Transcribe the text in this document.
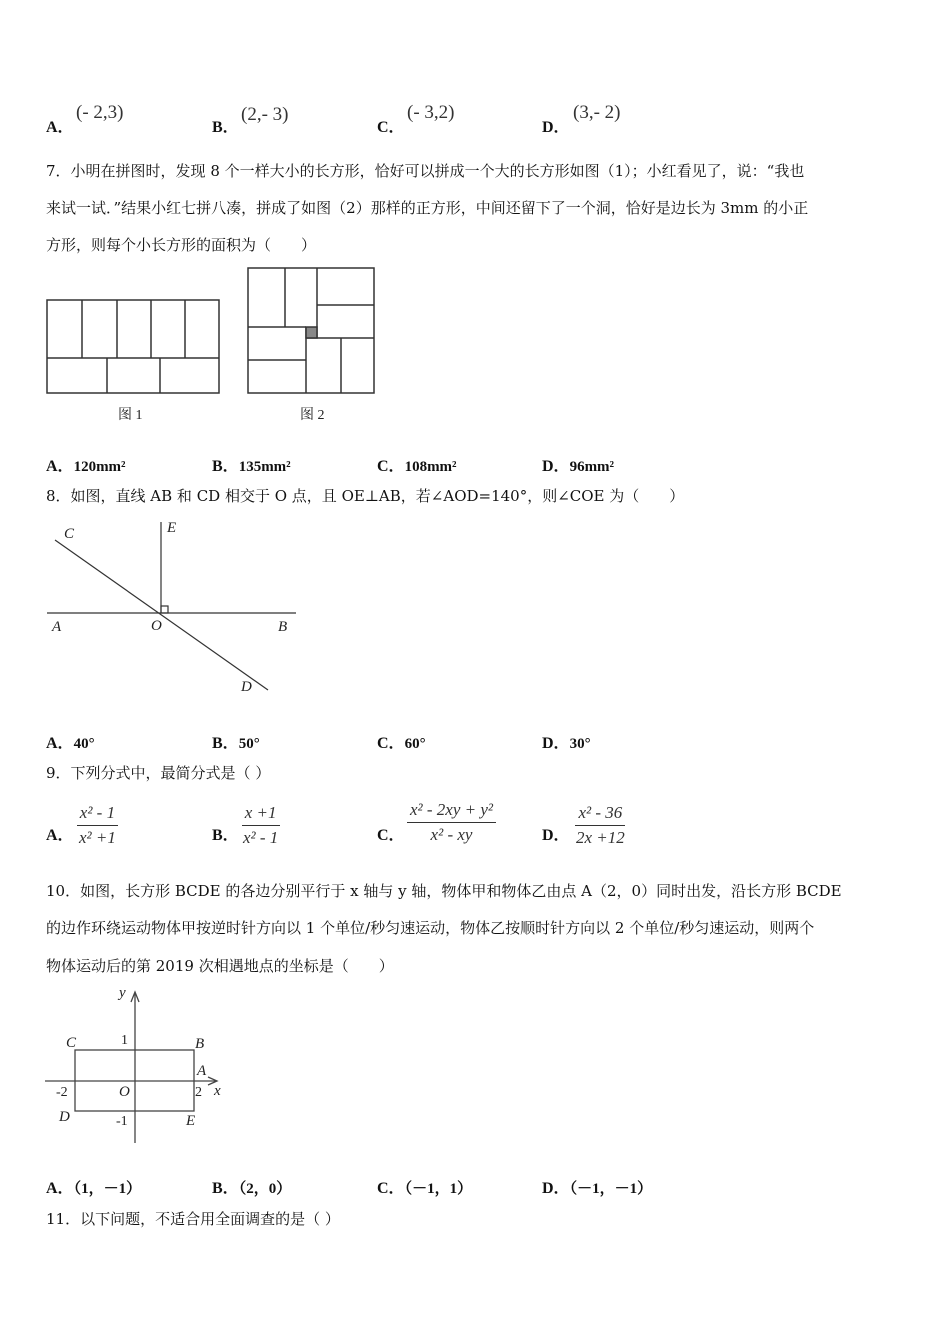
A．
(- 2,3)
B．
(2,- 3)
C．
(- 3,2)
D．
(3,- 2)
7．小明在拼图时，发现 8 个一样大小的长方形，恰好可以拼成一个大的长方形如图（1）；小红看见了，说：“我也
来试一试．”结果小红七拼八凑，拼成了如图（2）那样的正方形，中间还留下了一个洞，恰好是边长为 3mm 的小正
方形，则每个小长方形的面积为（　　）
图 1	图 2
C	E
A	O	B
D
y
x
C	B
A
D	E
O
1
-1
-2	2
A．120mm²	B．135mm²	C．108mm²	D．96mm²
8．如图，直线 AB 和 CD 相交于 O 点，且 OE⊥AB，若∠AOD=140°，则∠COE 为（　　）
A．40°	B．50°	C．60°	D．30°
9．下列分式中，最简分式是（ ）
A． $\frac{\text{x² - 1}}{\text{x² +1}}$	B． $\frac{x +1}{\text{x² - 1}}$	C． $\frac{\text{x² - 2xy + y²}}{\text{x² - xy}}$	D． $\frac{\text{x² - 36}}{2x +12}$
10．如图，长方形 BCDE 的各边分别平行于 x 轴与 y 轴，物体甲和物体乙由点 A（2，0）同时出发，沿长方形 BCDE
的边作环绕运动物体甲按逆时针方向以 1 个单位/秒匀速运动，物体乙按顺时针方向以 2 个单位/秒匀速运动，则两个
物体运动后的第 2019 次相遇地点的坐标是（　　）
A．（1，－1）	B．（2，0）	C．（－1，1）	D．（－1，－1）
11．以下问题，不适合用全面调查的是（ ）
